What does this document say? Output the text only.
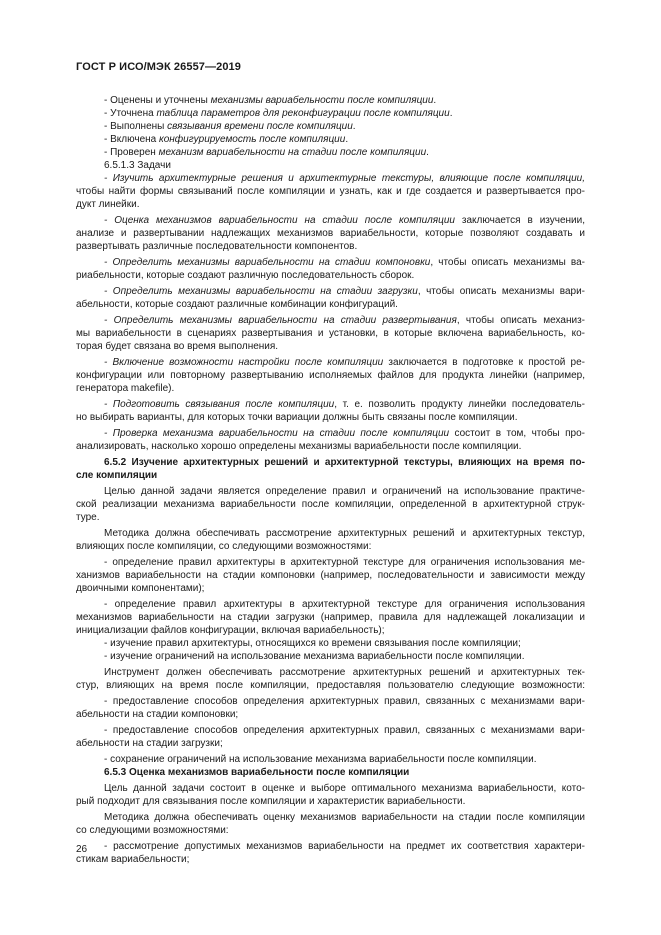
ГОСТ Р ИСО/МЭК 26557—2019
- Оценены и уточнены механизмы вариабельности после компиляции.
- Уточнена таблица параметров для реконфигурации после компиляции.
- Выполнены связывания времени после компиляции.
- Включена конфигурируемость после компиляции.
- Проверен механизм вариабельности на стадии после компиляции.
6.5.1.3 Задачи
- Изучить архитектурные решения и архитектурные текстуры, влияющие после компиляции,
чтобы найти формы связываний после компиляции и узнать, как и где создается и развертывается про-
дукт линейки.
- Оценка механизмов вариабельности на стадии после компиляции заключается в изучении,
анализе и развертывании надлежащих механизмов вариабельности, которые позволяют создавать и
развертывать различные последовательности компонентов.
- Определить механизмы вариабельности на стадии компоновки, чтобы описать механизмы ва-
риабельности, которые создают различную последовательность сборок.
- Определить механизмы вариабельности на стадии загрузки, чтобы описать механизмы вари-
абельности, которые создают различные комбинации конфигураций.
- Определить механизмы вариабельности на стадии развертывания, чтобы описать механиз-
мы вариабельности в сценариях развертывания и установки, в которые включена вариабельность, ко-
торая будет связана во время выполнения.
- Включение возможности настройки после компиляции заключается в подготовке к простой ре-
конфигурации или повторному развертыванию исполняемых файлов для продукта линейки (например,
генератора makefile).
- Подготовить связывания после компиляции, т. е. позволить продукту линейки последователь-
но выбирать варианты, для которых точки вариации должны быть связаны после компиляции.
- Проверка механизма вариабельности на стадии после компиляции состоит в том, чтобы про-
анализировать, насколько хорошо определены механизмы вариабельности после компиляции.
6.5.2 Изучение архитектурных решений и архитектурной текстуры, влияющих на время по-
сле компиляции
Целью данной задачи является определение правил и ограничений на использование практиче-
ской реализации механизма вариабельности после компиляции, определенной в архитектурной струк-
туре.
Методика должна обеспечивать рассмотрение архитектурных решений и архитектурных текстур,
влияющих после компиляции, со следующими возможностями:
- определение правил архитектуры в архитектурной текстуре для ограничения использования ме-
ханизмов вариабельности на стадии компоновки (например, последовательности и зависимости между
двоичными компонентами);
- определение правил архитектуры в архитектурной текстуре для ограничения использования
механизмов вариабельности на стадии загрузки (например, правила для надлежащей локализации и
инициализации файлов конфигурации, включая вариабельность);
- изучение правил архитектуры, относящихся ко времени связывания после компиляции;
- изучение ограничений на использование механизма вариабельности после компиляции.
Инструмент должен обеспечивать рассмотрение архитектурных решений и архитектурных тек-
стур, влияющих на время после компиляции, предоставляя пользователю следующие возможности:
- предоставление способов определения архитектурных правил, связанных с механизмами вари-
абельности на стадии компоновки;
- предоставление способов определения архитектурных правил, связанных с механизмами вари-
абельности на стадии загрузки;
- сохранение ограничений на использование механизма вариабельности после компиляции.
6.5.3 Оценка механизмов вариабельности после компиляции
Цель данной задачи состоит в оценке и выборе оптимального механизма вариабельности, кото-
рый подходит для связывания после компиляции и характеристик вариабельности.
Методика должна обеспечивать оценку механизмов вариабельности на стадии после компиляции
со следующими возможностями:
- рассмотрение допустимых механизмов вариабельности на предмет их соответствия характери-
стикам вариабельности;
26
